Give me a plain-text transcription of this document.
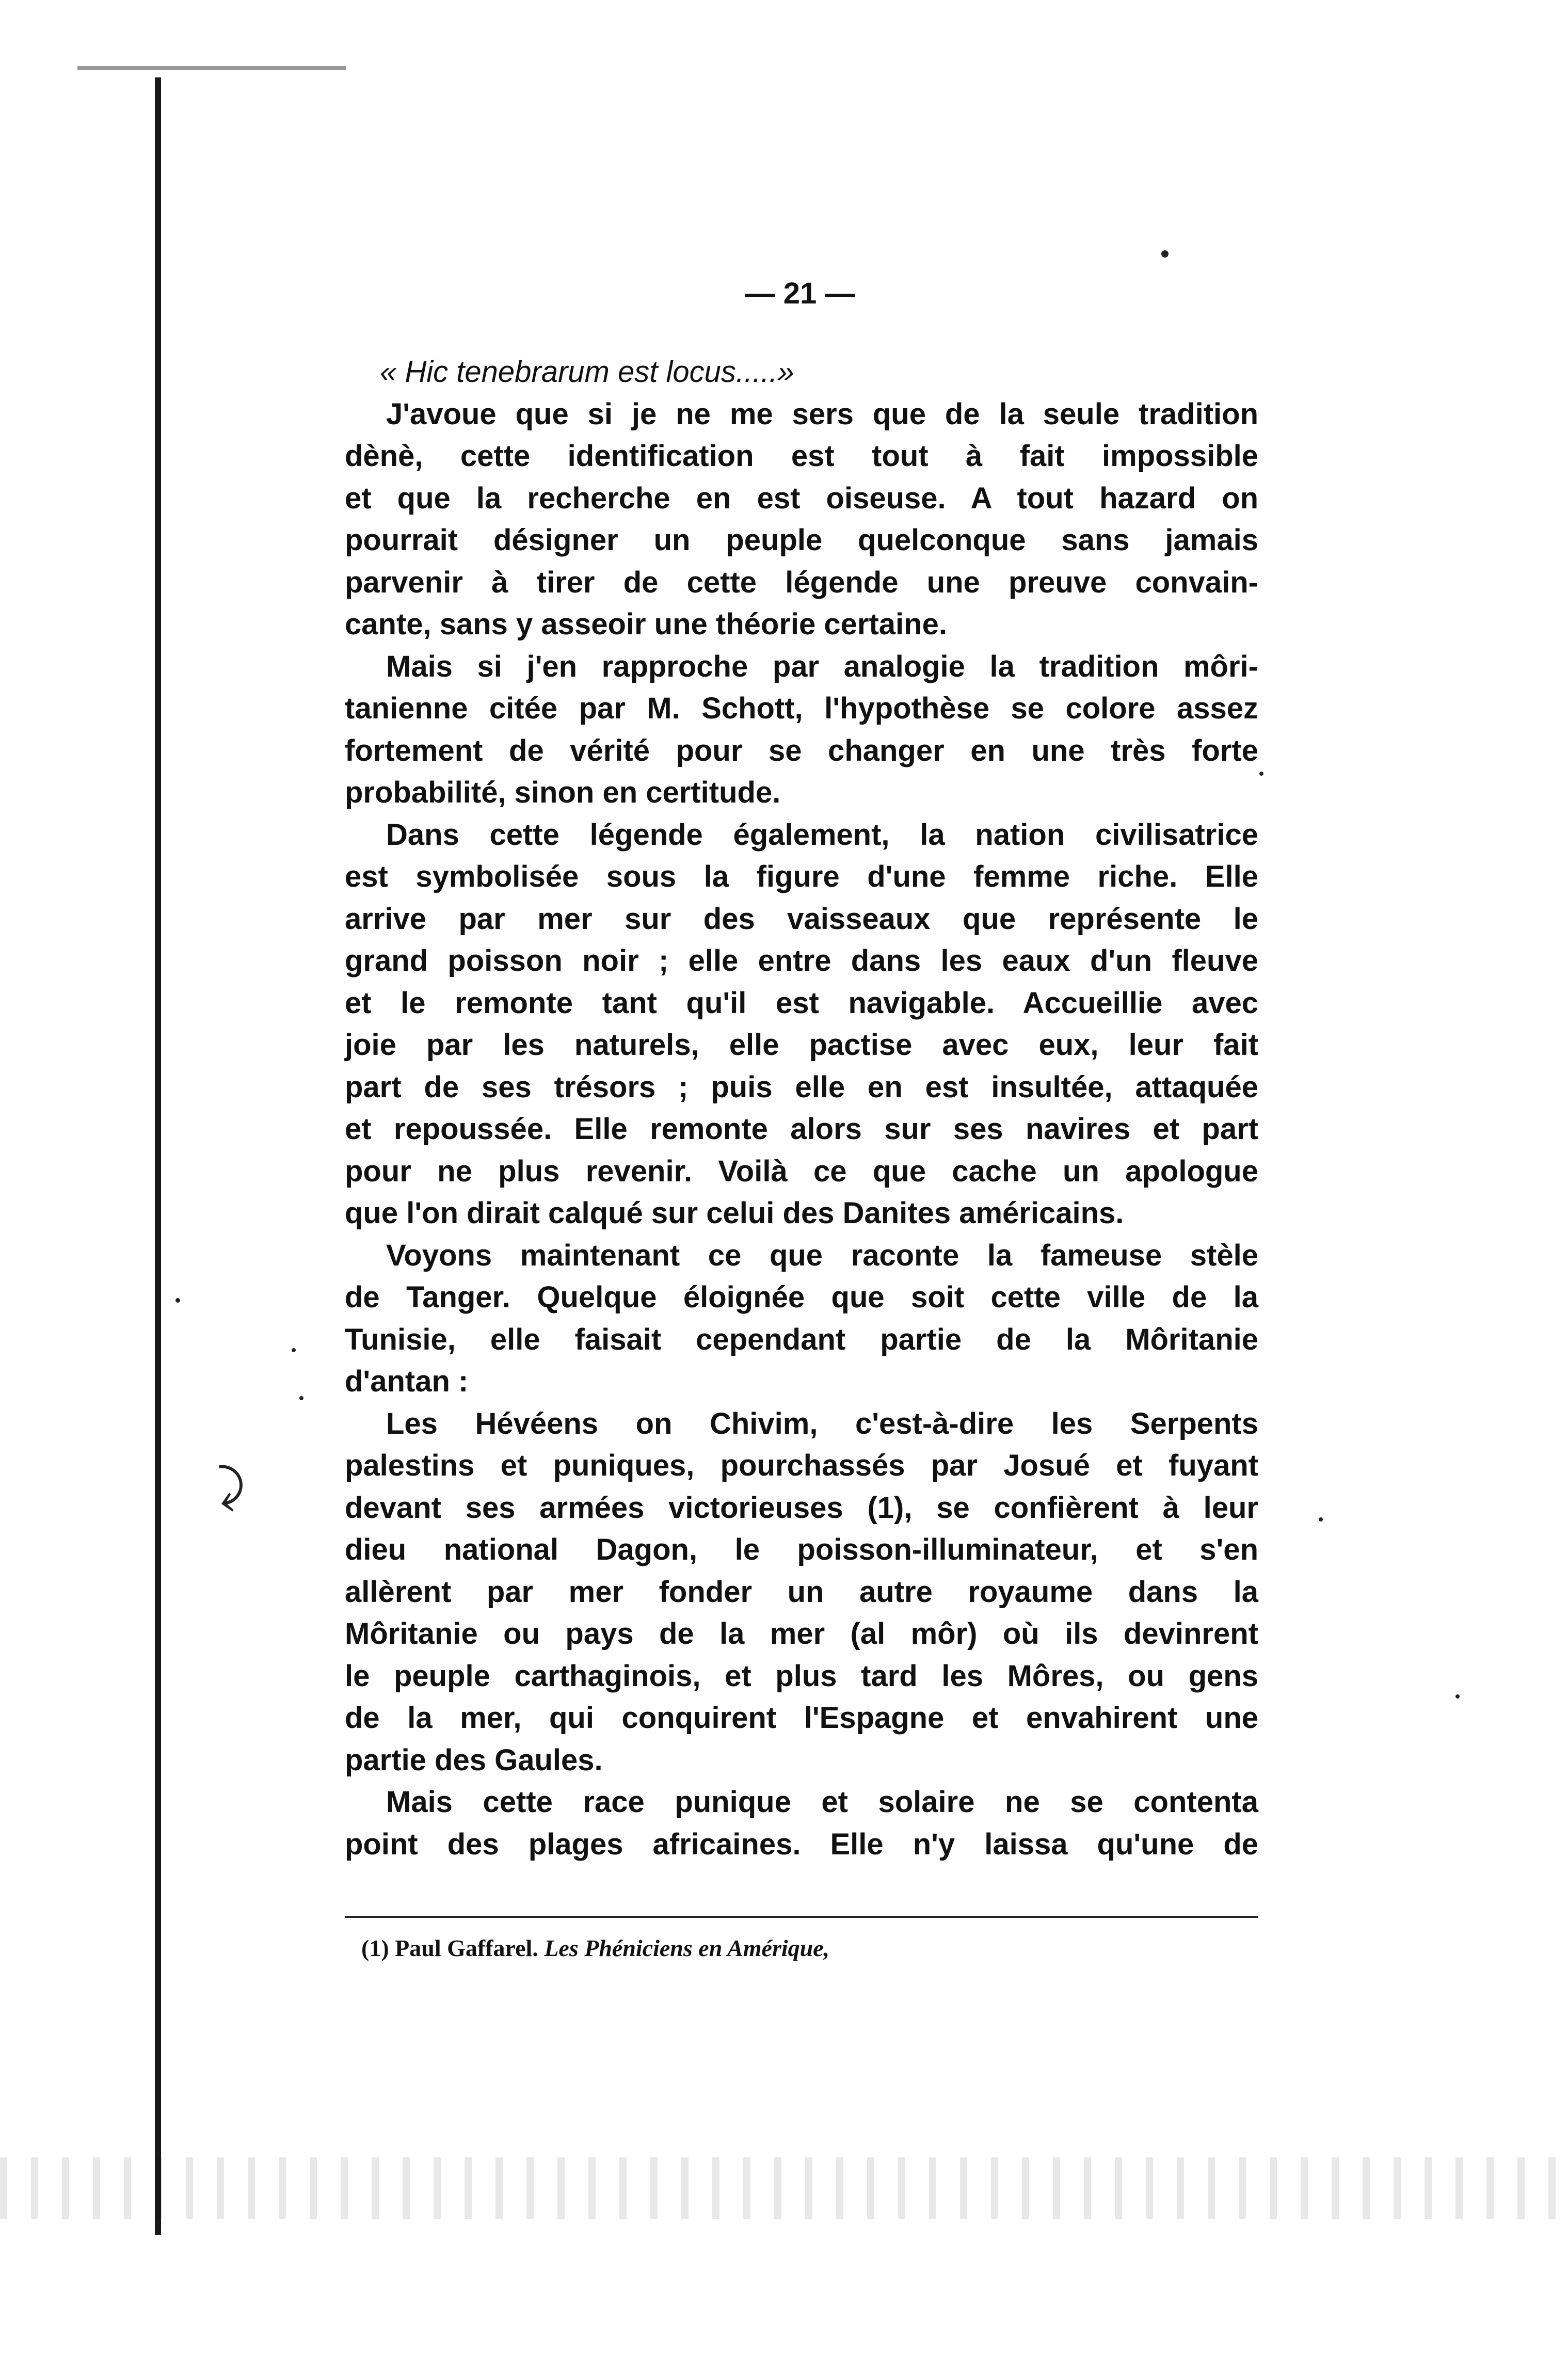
⤸
— 21 —
« Hic tenebrarum est locus.....»
J'avoue que si je ne me sers que de la seule tradition
dènè, cette identification est tout à fait impossible
et que la recherche en est oiseuse. A tout hazard on
pourrait désigner un peuple quelconque sans jamais
parvenir à tirer de cette légende une preuve convain-
cante, sans y asseoir une théorie certaine.
Mais si j'en rapproche par analogie la tradition môri-
tanienne citée par M. Schott, l'hypothèse se colore assez
fortement de vérité pour se changer en une très forte
probabilité, sinon en certitude.
Dans cette légende également, la nation civilisatrice
est symbolisée sous la figure d'une femme riche. Elle
arrive par mer sur des vaisseaux que représente le
grand poisson noir ; elle entre dans les eaux d'un fleuve
et le remonte tant qu'il est navigable. Accueillie avec
joie par les naturels, elle pactise avec eux, leur fait
part de ses trésors ; puis elle en est insultée, attaquée
et repoussée. Elle remonte alors sur ses navires et part
pour ne plus revenir. Voilà ce que cache un apologue
que l'on dirait calqué sur celui des Danites américains.
Voyons maintenant ce que raconte la fameuse stèle
de Tanger. Quelque éloignée que soit cette ville de la
Tunisie, elle faisait cependant partie de la Môritanie
d'antan :
Les Hévéens on Chivim, c'est-à-dire les Serpents
palestins et puniques, pourchassés par Josué et fuyant
devant ses armées victorieuses (1), se confièrent à leur
dieu national Dagon, le poisson-illuminateur, et s'en
allèrent par mer fonder un autre royaume dans la
Môritanie ou pays de la mer (al môr) où ils devinrent
le peuple carthaginois, et plus tard les Môres, ou gens
de la mer, qui conquirent l'Espagne et envahirent une
partie des Gaules.
Mais cette race punique et solaire ne se contenta
point des plages africaines. Elle n'y laissa qu'une de
(1) Paul Gaffarel. Les Phéniciens en Amérique,
